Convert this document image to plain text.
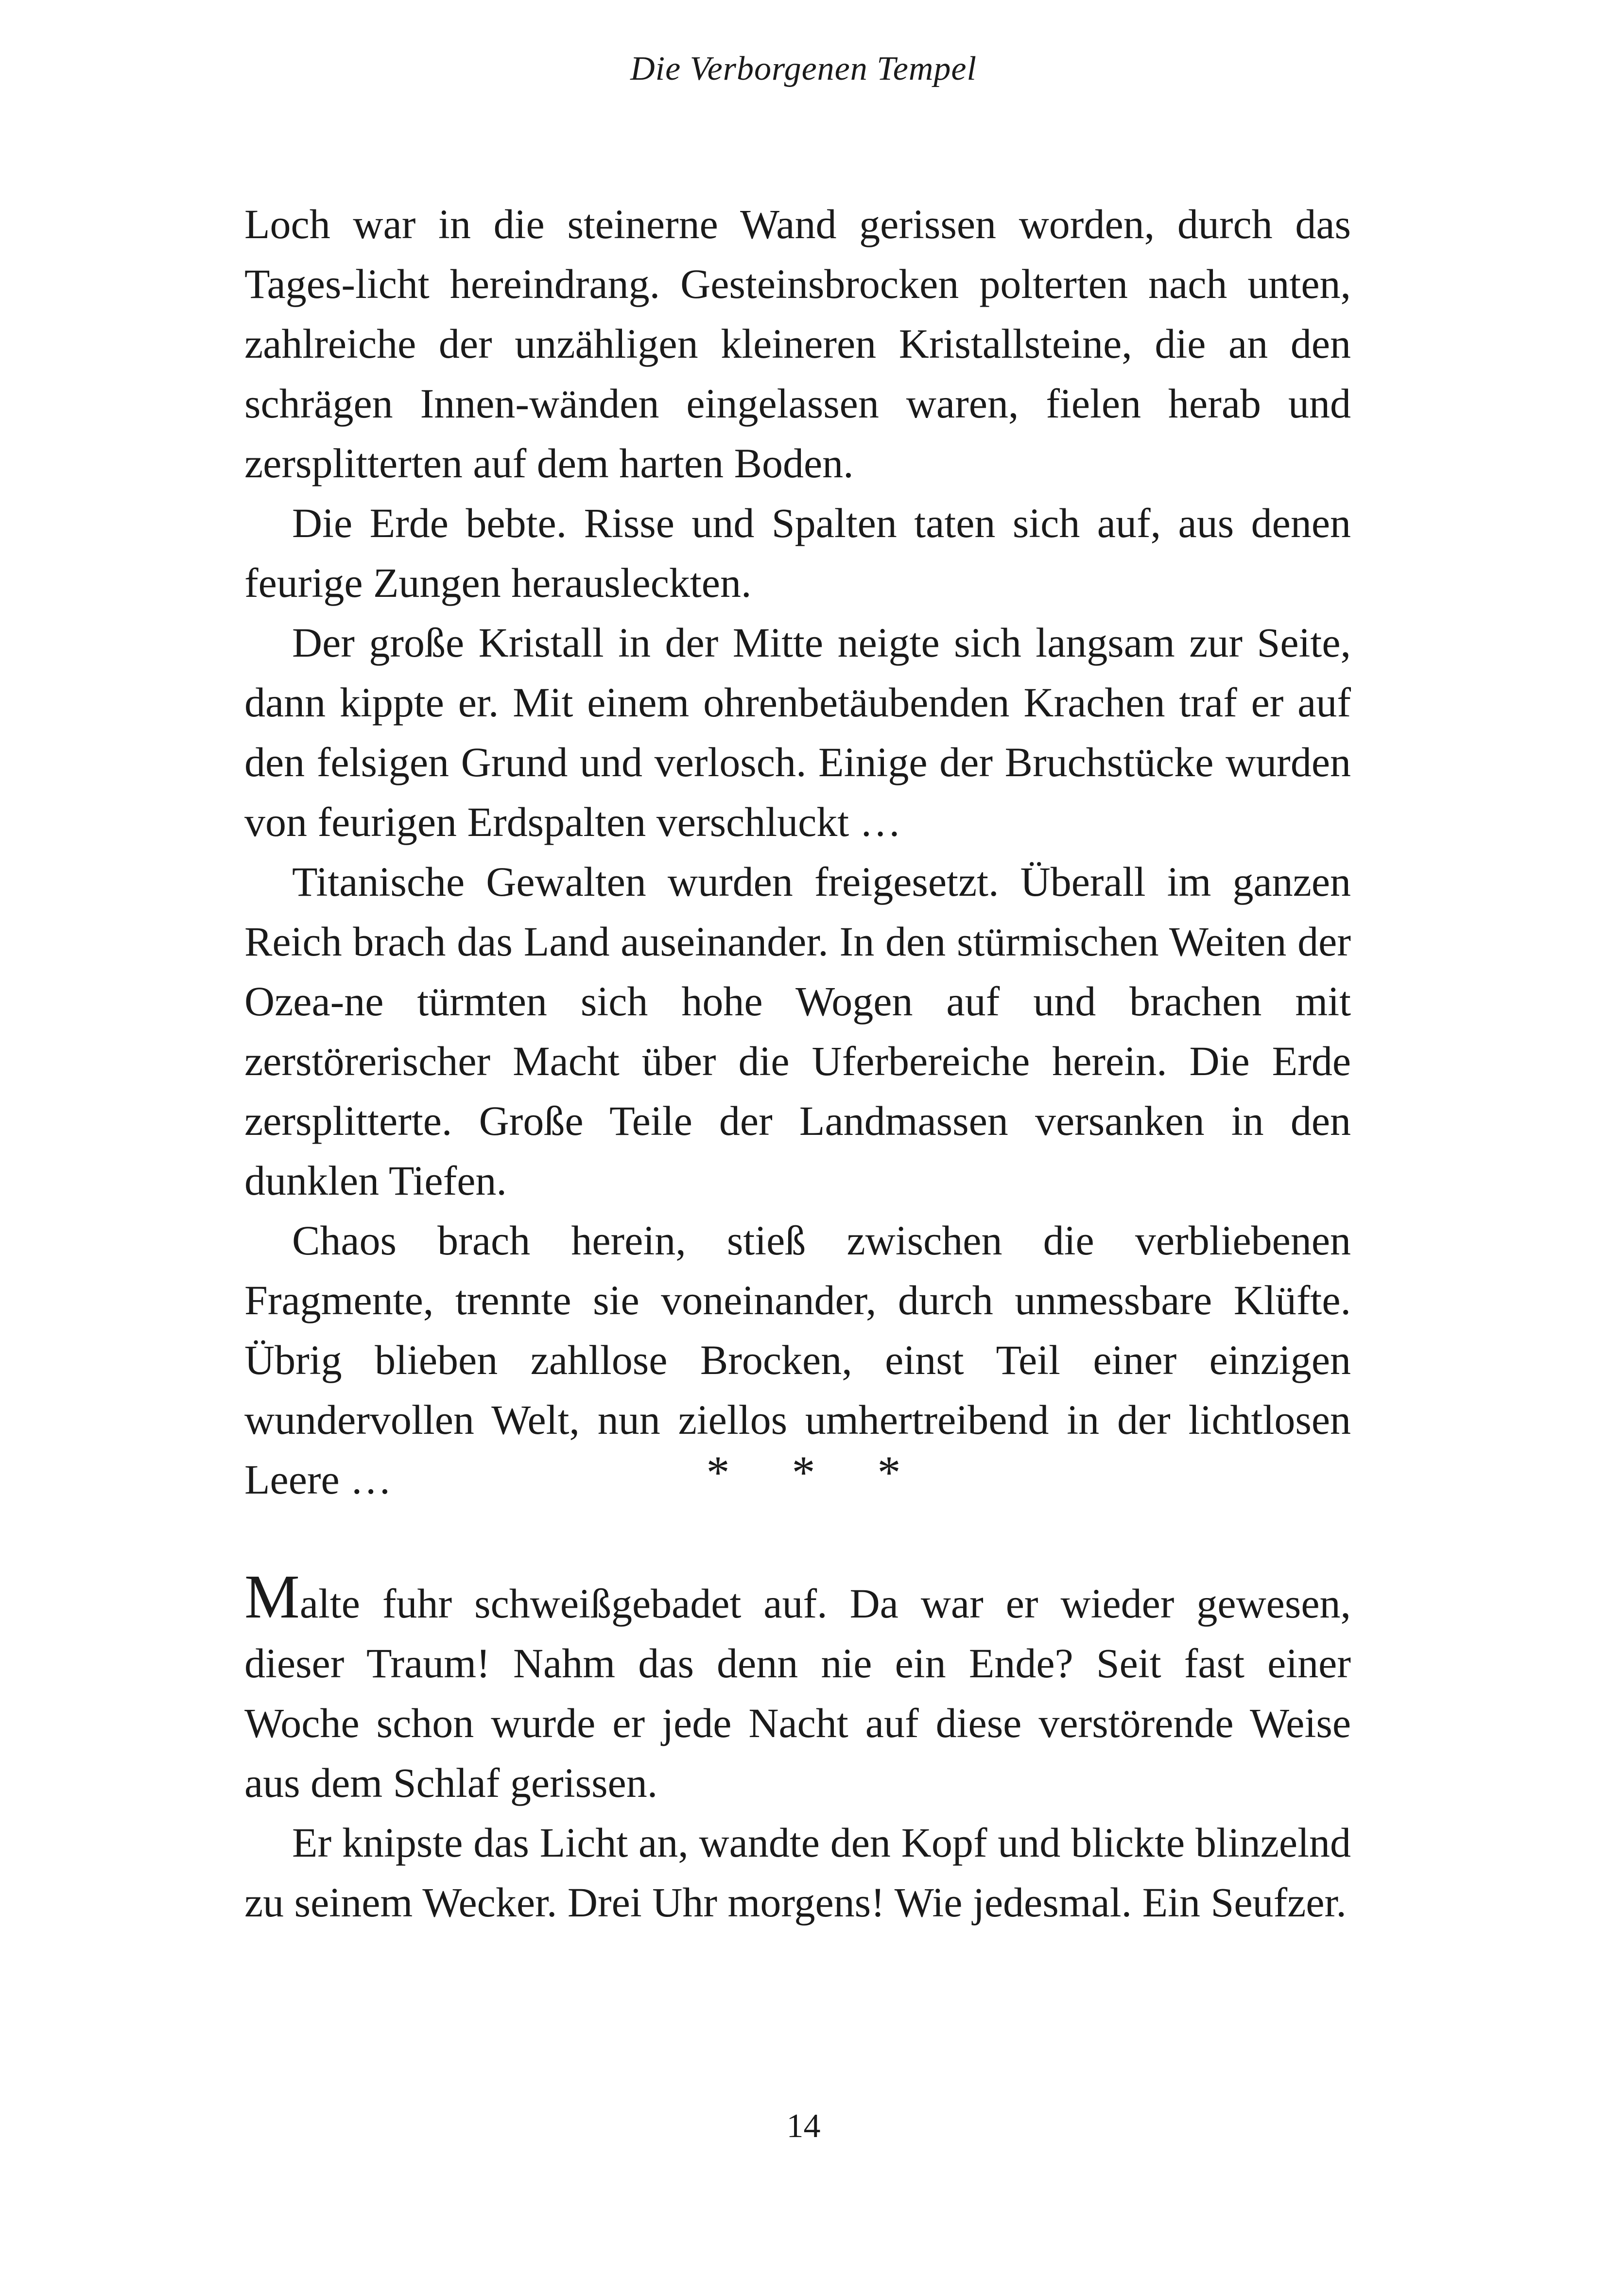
Die Verborgenen Tempel

Loch war in die steinerne Wand gerissen worden, durch das Tages-licht hereindrang. Gesteinsbrocken polterten nach unten, zahlreiche der unzähligen kleineren Kristallsteine, die an den schrägen Innen-wänden eingelassen waren, fielen herab und zersplitterten auf dem harten Boden.

Die Erde bebte. Risse und Spalten taten sich auf, aus denen feurige Zungen herausleckten.

Der große Kristall in der Mitte neigte sich langsam zur Seite, dann kippte er. Mit einem ohrenbetäubenden Krachen traf er auf den felsigen Grund und verlosch. Einige der Bruchstücke wurden von feurigen Erdspalten verschluckt …

Titanische Gewalten wurden freigesetzt. Überall im ganzen Reich brach das Land auseinander. In den stürmischen Weiten der Ozea-ne türmten sich hohe Wogen auf und brachen mit zerstörerischer Macht über die Uferbereiche herein. Die Erde zersplitterte. Große Teile der Landmassen versanken in den dunklen Tiefen.

Chaos brach herein, stieß zwischen die verbliebenen Fragmente, trennte sie voneinander, durch unmessbare Klüfte. Übrig blieben zahllose Brocken, einst Teil einer einzigen wundervollen Welt, nun ziellos umhertreibend in der lichtlosen Leere …	* * *

Malte fuhr schweißgebadet auf. Da war er wieder gewesen, dieser Traum! Nahm das denn nie ein Ende? Seit fast einer Woche schon wurde er jede Nacht auf diese verstörende Weise aus dem Schlaf gerissen.

Er knipste das Licht an, wandte den Kopf und blickte blinzelnd zu seinem Wecker. Drei Uhr morgens! Wie jedesmal. Ein Seufzer.

14
